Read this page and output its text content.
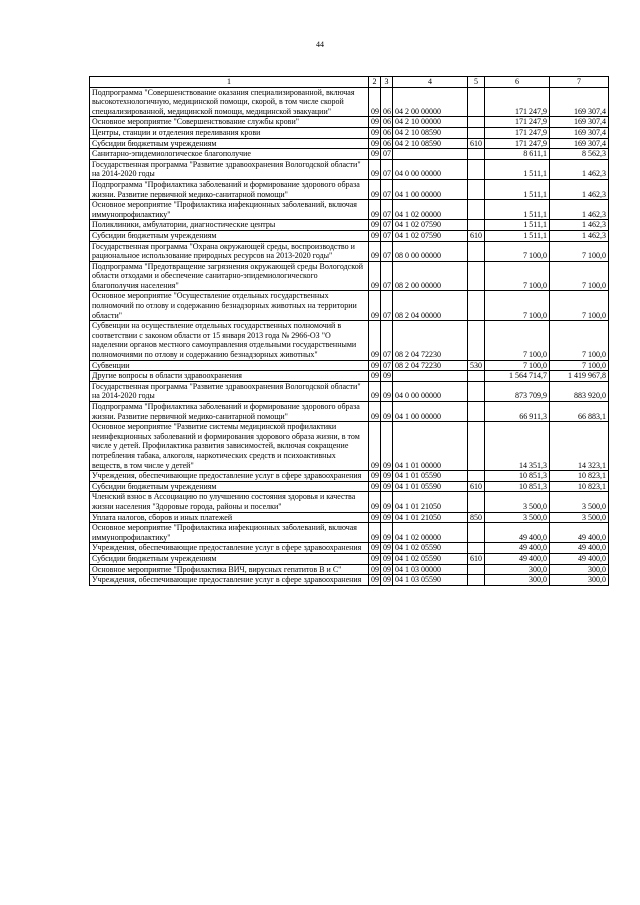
44
1	2	3	4	5	6	7
Подпрограмма "Совершенствование оказания специализированной, включая высокотехнологичную, медицинской помощи, скорой, в том числе скорой специализированной, медицинской помощи, медицинской эвакуации"	09	06	04 2 00 00000		171 247,9	169 307,4
Основное мероприятие "Совершенствование службы крови"	09	06	04 2 10 00000		171 247,9	169 307,4
Центры, станции и отделения переливания крови	09	06	04 2 10 08590		171 247,9	169 307,4
Субсидии бюджетным учреждениям	09	06	04 2 10 08590	610	171 247,9	169 307,4
Санитарно-эпидемиологическое благополучие	09	07			8 611,1	8 562,3
Государственная программа "Развитие здравоохранения Вологодской области" на 2014-2020 годы	09	07	04 0 00 00000		1 511,1	1 462,3
Подпрограмма "Профилактика заболеваний и формирование здорового образа жизни. Развитие первичной медико-санитарной помощи"	09	07	04 1 00 00000		1 511,1	1 462,3
Основное мероприятие "Профилактика инфекционных заболеваний, включая иммунопрофилактику"	09	07	04 1 02 00000		1 511,1	1 462,3
Поликлиники, амбулатории, диагностические центры	09	07	04 1 02 07590		1 511,1	1 462,3
Субсидии бюджетным учреждениям	09	07	04 1 02 07590	610	1 511,1	1 462,3
Государственная программа "Охрана окружающей среды, воспроизводство и рациональное использование природных ресурсов на 2013-2020 годы"	09	07	08 0 00 00000		7 100,0	7 100,0
Подпрограмма "Предотвращение загрязнения окружающей среды Вологодской области отходами и обеспечение санитарно-эпидемиологического благополучия населения"	09	07	08 2 00 00000		7 100,0	7 100,0
Основное мероприятие "Осуществление отдельных государственных полномочий по отлову и содержанию безнадзорных животных на территории области"	09	07	08 2 04 00000		7 100,0	7 100,0
Субвенции на осуществление отдельных государственных полномочий в соответствии с законом области от 15 января 2013 года № 2966-ОЗ "О наделении органов местного самоуправления отдельными государственными полномочиями по отлову и содержанию безнадзорных животных"	09	07	08 2 04 72230		7 100,0	7 100,0
Субвенции	09	07	08 2 04 72230	530	7 100,0	7 100,0
Другие вопросы в области здравоохранения	09	09			1 564 714,7	1 419 967,8
Государственная программа "Развитие здравоохранения Вологодской области" на 2014-2020 годы	09	09	04 0 00 00000		873 709,9	883 920,0
Подпрограмма "Профилактика заболеваний и формирование здорового образа жизни. Развитие первичной медико-санитарной помощи"	09	09	04 1 00 00000		66 911,3	66 883,1
Основное мероприятие "Развитие системы медицинской профилактики неинфекционных заболеваний и формирования здорового образа жизни, в том числе у детей. Профилактика развития зависимостей, включая сокращение потребления табака, алкоголя, наркотических средств и психоактивных веществ, в том числе у детей"	09	09	04 1 01 00000		14 351,3	14 323,1
Учреждения, обеспечивающие предоставление услуг в сфере здравоохранения	09	09	04 1 01 05590		10 851,3	10 823,1
Субсидии бюджетным учреждениям	09	09	04 1 01 05590	610	10 851,3	10 823,1
Членский взнос в Ассоциацию по улучшению состояния здоровья и качества жизни населения "Здоровые города, районы и поселки"	09	09	04 1 01 21050		3 500,0	3 500,0
Уплата налогов, сборов и иных платежей	09	09	04 1 01 21050	850	3 500,0	3 500,0
Основное мероприятие "Профилактика инфекционных заболеваний, включая иммунопрофилактику"	09	09	04 1 02 00000		49 400,0	49 400,0
Учреждения, обеспечивающие предоставление услуг в сфере здравоохранения	09	09	04 1 02 05590		49 400,0	49 400,0
Субсидии бюджетным учреждениям	09	09	04 1 02 05590	610	49 400,0	49 400,0
Основное мероприятие "Профилактика ВИЧ, вирусных гепатитов В и С"	09	09	04 1 03 00000		300,0	300,0
Учреждения, обеспечивающие предоставление услуг в сфере здравоохранения	09	09	04 1 03 05590		300,0	300,0
